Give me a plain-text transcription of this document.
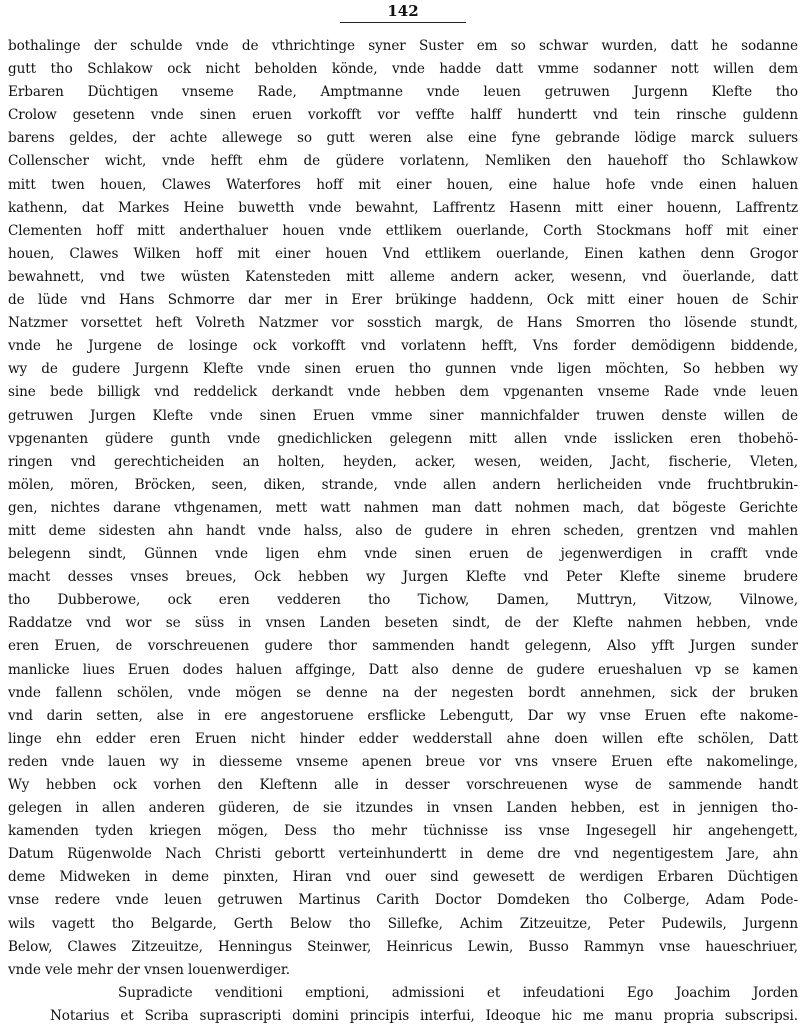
142
bothalinge der schulde vnde de vthrichtinge syner Suster em so schwar wurden, datt he sodanne
gutt tho Schlakow ock nicht beholden könde, vnde hadde datt vmme sodanner nott willen dem
Erbaren Düchtigen vnseme Rade, Amptmanne vnde leuen getruwen Jurgenn Klefte tho
Crolow gesetenn vnde sinen eruen vorkofft vor veffte halff hundertt vnd tein rinsche guldenn
barens geldes, der achte allewege so gutt weren alse eine fyne gebrande lödige marck suluers
Collenscher wicht, vnde hefft ehm de güdere vorlatenn, Nemliken den hauehoff tho Schlawkow
mitt twen houen, Clawes Waterfores hoff mit einer houen, eine halue hofe vnde einen haluen
kathenn, dat Markes Heine buwetth vnde bewahnt, Laffrentz Hasenn mitt einer houenn, Laffrentz
Clementen hoff mitt anderthaluer houen vnde ettlikem ouerlande, Corth Stockmans hoff mit einer
houen, Clawes Wilken hoff mit einer houen Vnd ettlikem ouerlande, Einen kathen denn Grogor
bewahnett, vnd twe wüsten Katensteden mitt alleme andern acker, wesenn, vnd öuerlande, datt
de lüde vnd Hans Schmorre dar mer in Erer brükinge haddenn, Ock mitt einer houen de Schir
Natzmer vorsettet heft Volreth Natzmer vor sosstich margk, de Hans Smorren tho lösende stundt,
vnde he Jurgene de losinge ock vorkofft vnd vorlatenn hefft, Vns forder demödigenn biddende,
wy de gudere Jurgenn Klefte vnde sinen eruen tho gunnen vnde ligen möchten, So hebben wy
sine bede billigk vnd reddelick derkandt vnde hebben dem vpgenanten vnseme Rade vnde leuen
getruwen Jurgen Klefte vnde sinen Eruen vmme siner mannichfalder truwen denste willen de
vpgenanten güdere gunth vnde gnedichlicken gelegenn mitt allen vnde isslicken eren thobehö-
ringen vnd gerechticheiden an holten, heyden, acker, wesen, weiden, Jacht, fischerie, Vleten,
mölen, mören, Bröcken, seen, diken, strande, vnde allen andern herlicheiden vnde fruchtbrukin-
gen, nichtes darane vthgenamen, mett watt nahmen man datt nohmen mach, dat bögeste Gerichte
mitt deme sidesten ahn handt vnde halss, also de gudere in ehren scheden, grentzen vnd mahlen
belegenn sindt, Günnen vnde ligen ehm vnde sinen eruen de jegenwerdigen in crafft vnde
macht desses vnses breues, Ock hebben wy Jurgen Klefte vnd Peter Klefte sineme brudere
tho Dubberowe, ock eren vedderen tho Tichow, Damen, Muttryn, Vitzow, Vilnowe,
Raddatze vnd wor se süss in vnsen Landen beseten sindt, de der Klefte nahmen hebben, vnde
eren Eruen, de vorschreuenen gudere thor sammenden handt gelegenn, Also yfft Jurgen sunder
manlicke liues Eruen dodes haluen affginge, Datt also denne de gudere erueshaluen vp se kamen
vnde fallenn schölen, vnde mögen se denne na der negesten bordt annehmen, sick der bruken
vnd darin setten, alse in ere angestoruene ersflicke Lebengutt, Dar wy vnse Eruen efte nakome-
linge ehn edder eren Eruen nicht hinder edder wedderstall ahne doen willen efte schölen, Datt
reden vnde lauen wy in diesseme vnseme apenen breue vor vns vnsere Eruen efte nakomelinge,
Wy hebben ock vorhen den Kleftenn alle in desser vorschreuenen wyse de sammende handt
gelegen in allen anderen güderen, de sie itzundes in vnsen Landen hebben, est in jennigen tho-
kamenden tyden kriegen mögen, Dess tho mehr tüchnisse iss vnse Ingesegell hir angehengett,
Datum Rügenwolde Nach Christi gebortt verteinhundertt in deme dre vnd negentigestem Jare, ahn
deme Midweken in deme pinxten, Hiran vnd ouer sind gewesett de werdigen Erbaren Düchtigen
vnse redere vnde leuen getruwen Martinus Carith Doctor Domdeken tho Colberge, Adam Pode-
wils vagett tho Belgarde, Gerth Below tho Sillefke, Achim Zitzeuitze, Peter Pudewils, Jurgenn
Below, Clawes Zitzeuitze, Henningus Steinwer, Heinricus Lewin, Busso Rammyn vnse haueschriuer,
vnde vele mehr der vnsen louenwerdiger.
Supradicte venditioni emptioni, admissioni et infeudationi Ego Joachim Jorden
Notarius et Scriba suprascripti domini principis interfui, Ideoque hic me manu propria subscripsi.
